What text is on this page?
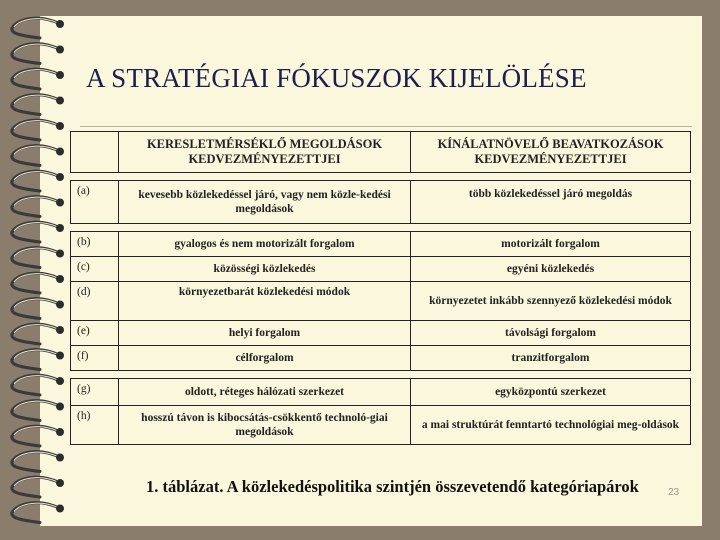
A STRATÉGIAI FÓKUSZOK KIJELÖLÉSE
	KERESLETMÉRSÉKLŐ MEGOLDÁSOK KEDVEZMÉNYEZETTJEI	KÍNÁLATNÖVELŐ BEAVATKOZÁSOK KEDVEZMÉNYEZETTJEI

(a)	kevesebb közlekedéssel járó, vagy nem közle-kedési megoldások	több közlekedéssel járó megoldás

(b)	gyalogos és nem motorizált forgalom	motorizált forgalom
(c)	közösségi közlekedés	egyéni közlekedés
(d)	környezetbarát közlekedési módok	környezetet inkább szennyező közlekedési módok
(e)	helyi forgalom	távolsági forgalom
(f)	célforgalom	tranzitforgalom

(g)	oldott, réteges hálózati szerkezet	egyközpontú szerkezet
(h)	hosszú távon is kibocsátás-csökkentő technoló-giai megoldások	a mai struktúrát fenntartó technológiai meg-oldások
1. táblázat. A közlekedéspolitika szintjén összevetendő kategóriapárok	23
